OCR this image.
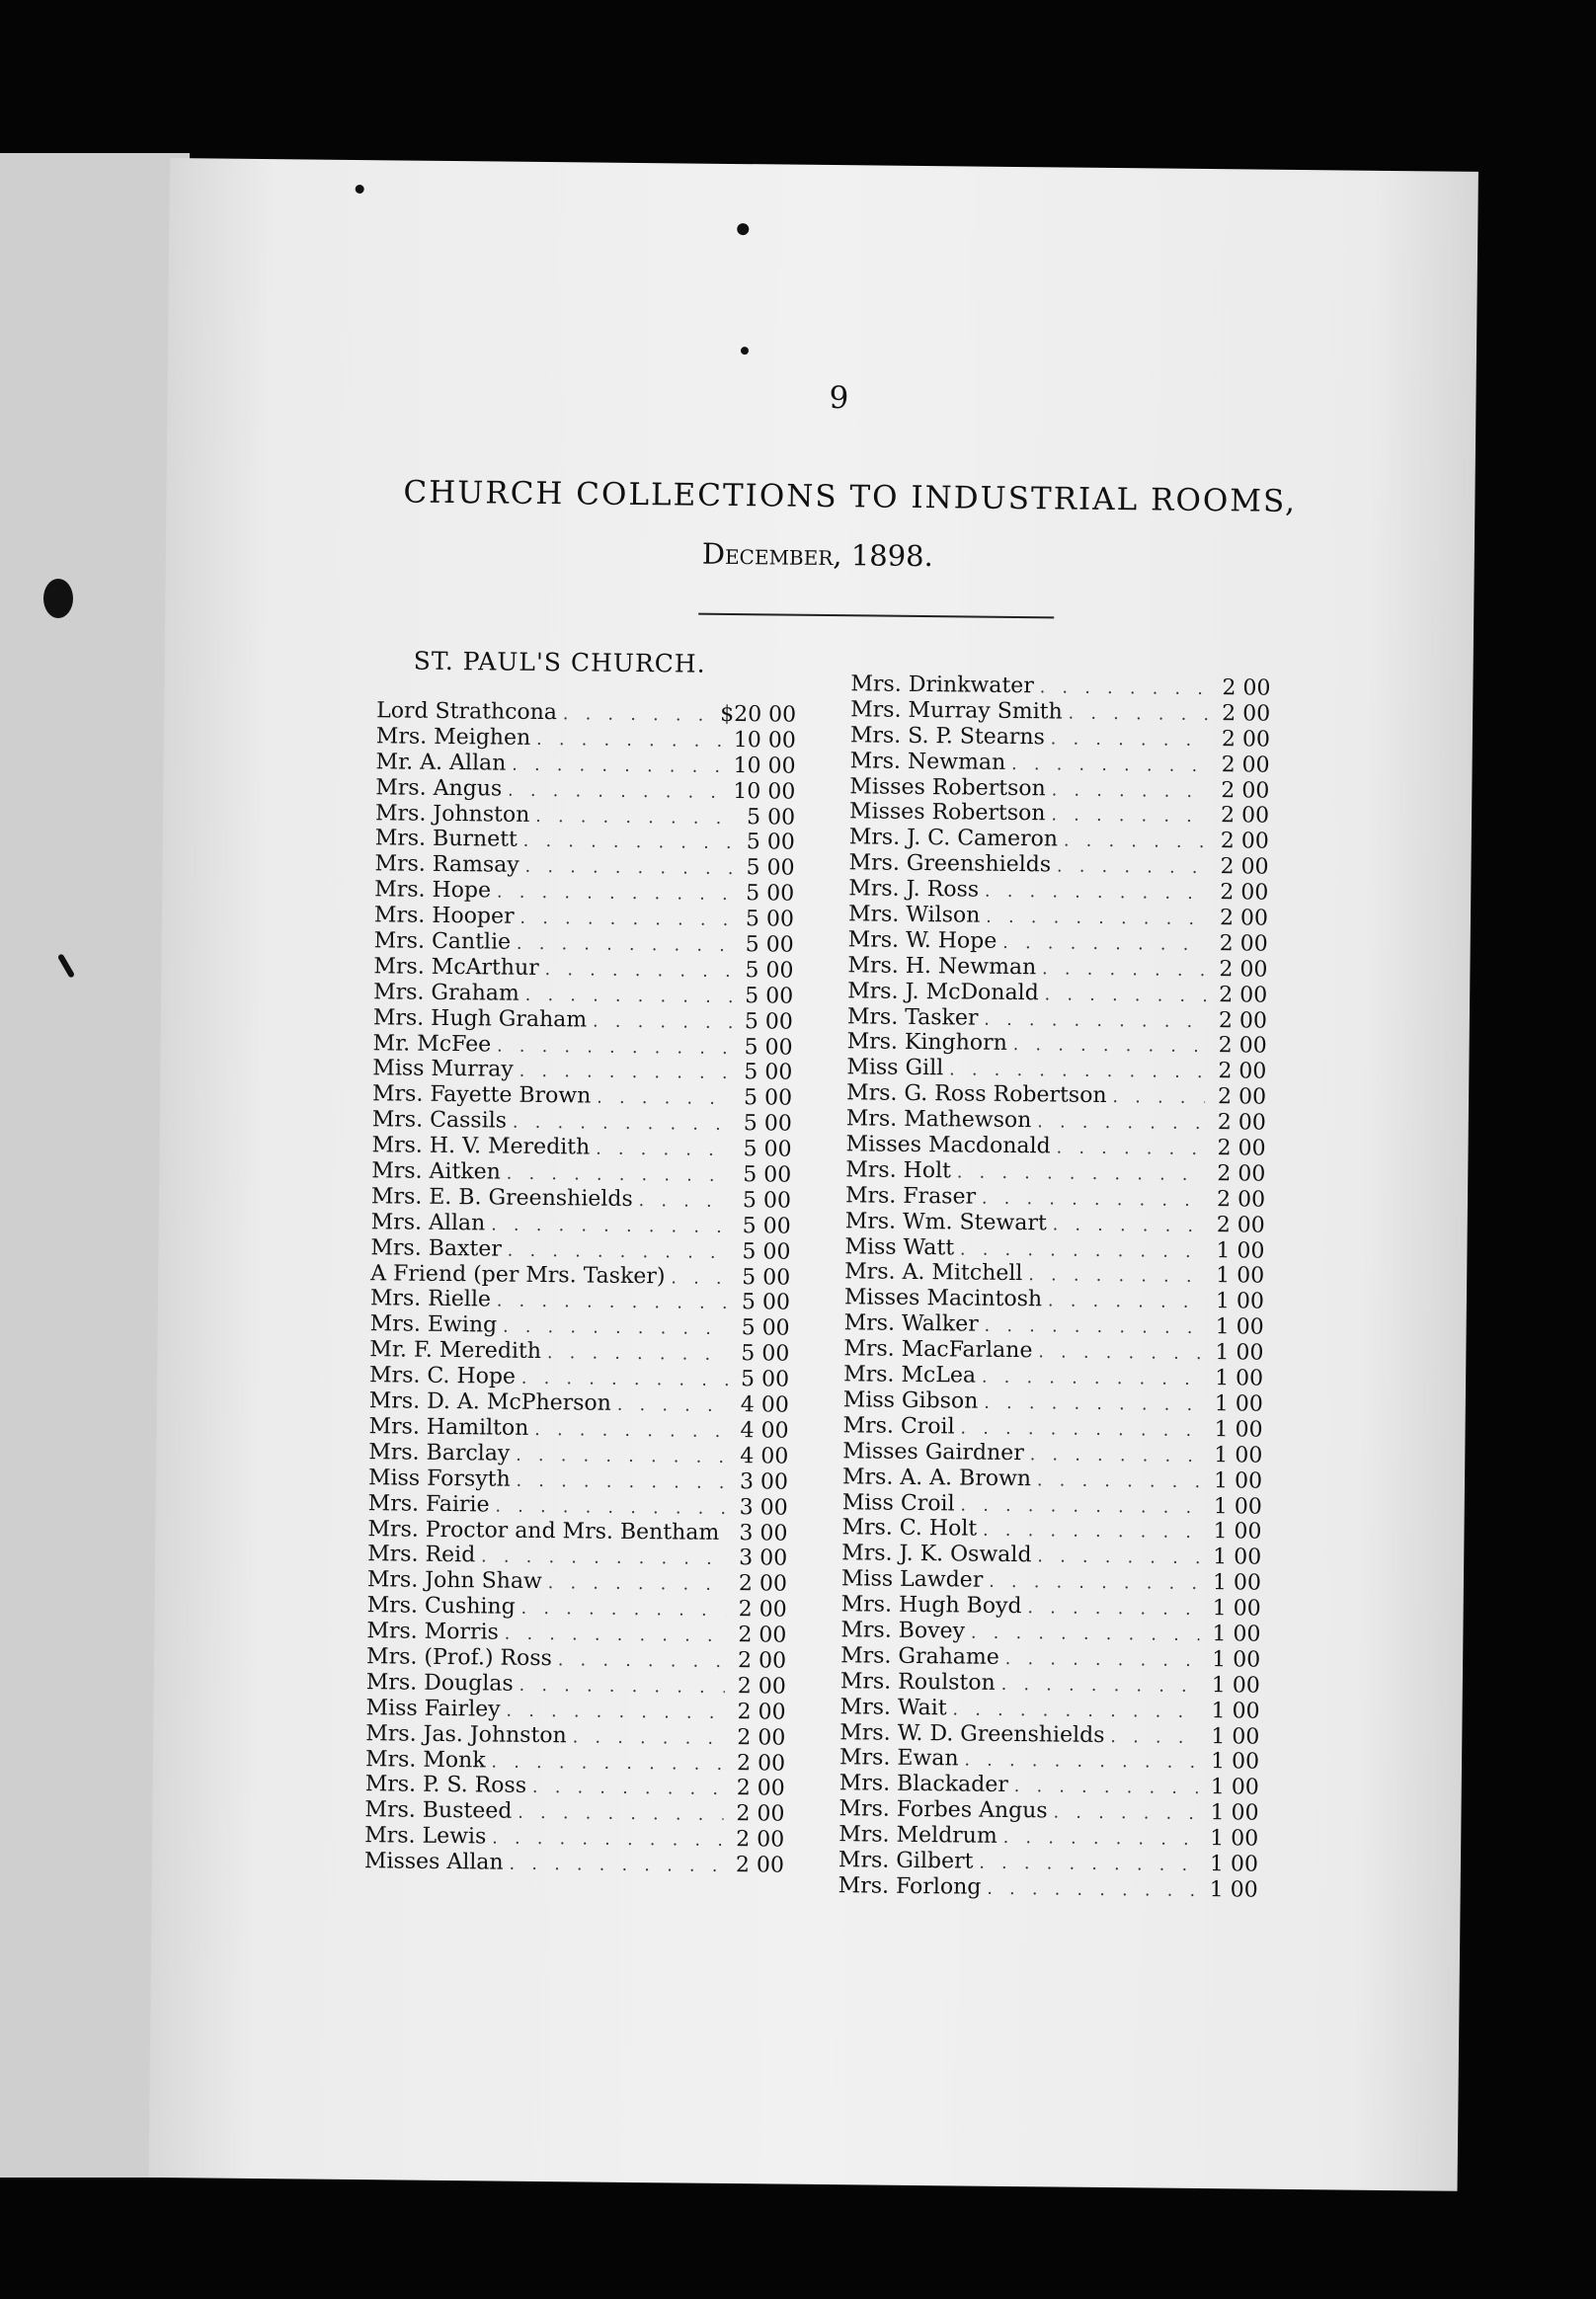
9
CHURCH COLLECTIONS TO INDUSTRIAL ROOMS,
December, 1898.
ST. PAUL'S CHURCH.
Lord Strathcona . . .	$20 00
Mrs. Meighen . . .	10 00
Mr. A. Allan . . .	10 00
Mrs. Angus . . .	10 00
Mrs. Johnston . . .	5 00
Mrs. Burnett . . .	5 00
Mrs. Ramsay . . .	5 00
Mrs. Hope . . .	5 00
Mrs. Hooper . . .	5 00
Mrs. Cantlie . . .	5 00
Mrs. McArthur . . .	5 00
Mrs. Graham . . .	5 00
Mrs. Hugh Graham . . .	5 00
Mr. McFee . . .	5 00
Miss Murray . . .	5 00
Mrs. Fayette Brown . . .	5 00
Mrs. Cassils . . .	5 00
Mrs. H. V. Meredith . . .	5 00
Mrs. Aitken . . .	5 00
Mrs. E. B. Greenshields . . .	5 00
Mrs. Allan . . .	5 00
Mrs. Baxter . . .	5 00
A Friend (per Mrs. Tasker) . . .	5 00
Mrs. Rielle . . .	5 00
Mrs. Ewing . . .	5 00
Mr. F. Meredith . . .	5 00
Mrs. C. Hope . . .	5 00
Mrs. D. A. McPherson . . .	4 00
Mrs. Hamilton . . .	4 00
Mrs. Barclay . . .	4 00
Miss Forsyth . . .	3 00
Mrs. Fairie . . .	3 00
Mrs. Proctor and Mrs. Bentham . . . 3 00
Mrs. Reid . . .	3 00
Mrs. John Shaw . . .	2 00
Mrs. Cushing . . .	2 00
Mrs. Morris . . .	2 00
Mrs. (Prof.) Ross . . .	2 00
Mrs. Douglas . . .	2 00
Miss Fairley . . .	2 00
Mrs. Jas. Johnston . . .	2 00
Mrs. Monk . . .	2 00
Mrs. P. S. Ross . . .	2 00
Mrs. Busteed . . .	2 00
Mrs. Lewis . . .	2 00
Misses Allan . . .	2 00
Mrs. Drinkwater . . .	2 00
Mrs. Murray Smith . . .	2 00
Mrs. S. P. Stearns . . .	2 00
Mrs. Newman . . .	2 00
Misses Robertson . . .	2 00
Misses Robertson . . .	2 00
Mrs. J. C. Cameron . . .	2 00
Mrs. Greenshields . . .	2 00
Mrs. J. Ross . . .	2 00
Mrs. Wilson . . .	2 00
Mrs. W. Hope . . .	2 00
Mrs. H. Newman . . .	2 00
Mrs. J. McDonald . . .	2 00
Mrs. Tasker . . .	2 00
Mrs. Kinghorn . . .	2 00
Miss Gill . . .	2 00
Mrs. G. Ross Robertson . . .	2 00
Mrs. Mathewson . . .	2 00
Misses Macdonald . . .	2 00
Mrs. Holt . . .	2 00
Mrs. Fraser . . .	2 00
Mrs. Wm. Stewart . . .	2 00
Miss Watt . . .	1 00
Mrs. A. Mitchell . . .	1 00
Misses Macintosh . . .	1 00
Mrs. Walker . . .	1 00
Mrs. MacFarlane . . .	1 00
Mrs. McLea . . .	1 00
Miss Gibson . . .	1 00
Mrs. Croil . . .	1 00
Misses Gairdner . . .	1 00
Mrs. A. A. Brown . . .	1 00
Miss Croil . . .	1 00
Mrs. C. Holt . . .	1 00
Mrs. J. K. Oswald . . .	1 00
Miss Lawder . . .	1 00
Mrs. Hugh Boyd . . .	1 00
Mrs. Bovey . . .	1 00
Mrs. Grahame . . .	1 00
Mrs. Roulston . . .	1 00
Mrs. Wait . . .	1 00
Mrs. W. D. Greenshields . . .	1 00
Mrs. Ewan . . .	1 00
Mrs. Blackader . . .	1 00
Mrs. Forbes Angus . . .	1 00
Mrs. Meldrum . . .	1 00
Mrs. Gilbert . . .	1 00
Mrs. Forlong . . .	1 00
